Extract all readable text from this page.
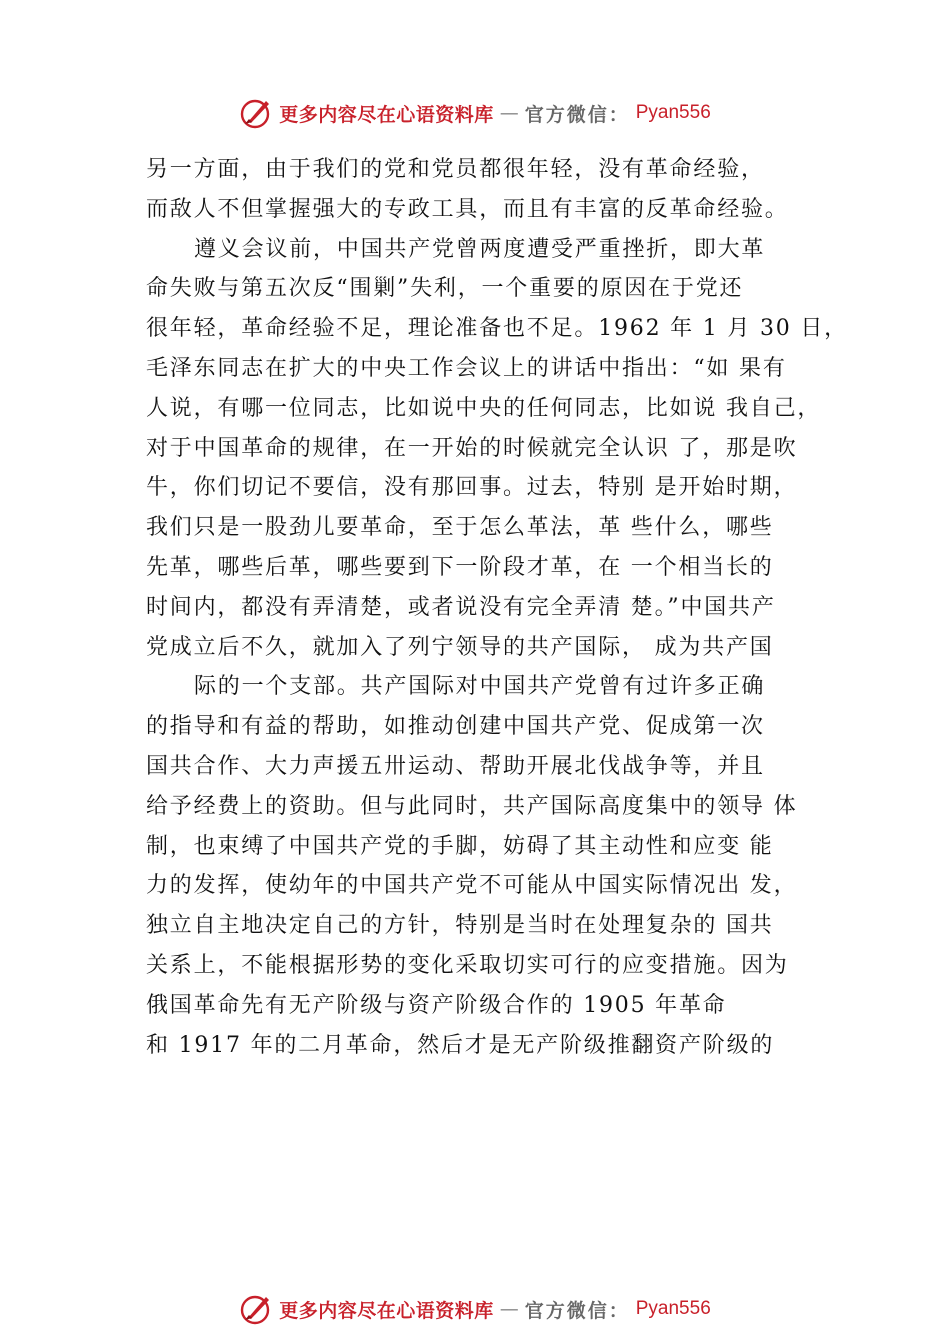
更多内容尽在心语资料库 — 官方微信： Pyan556
另一方面，由于我们的党和党员都很年轻，没有革命经验，
而敌人不但掌握强大的专政工具，而且有丰富的反革命经验。
遵义会议前，中国共产党曾两度遭受严重挫折，即大革
命失败与第五次反“围剿”失利，一个重要的原因在于党还
很年轻，革命经验不足，理论准备也不足。1962 年 1 月 30 日，
毛泽东同志在扩大的中央工作会议上的讲话中指出：“如 果有
人说，有哪一位同志，比如说中央的任何同志，比如说 我自己，
对于中国革命的规律，在一开始的时候就完全认识 了，那是吹
牛，你们切记不要信，没有那回事。过去，特别 是开始时期，
我们只是一股劲儿要革命，至于怎么革法，革 些什么，哪些
先革，哪些后革，哪些要到下一阶段才革，在 一个相当长的
时间内，都没有弄清楚，或者说没有完全弄清 楚。”中国共产
党成立后不久，就加入了列宁领导的共产国际， 成为共产国
际的一个支部。共产国际对中国共产党曾有过许多正确
的指导和有益的帮助，如推动创建中国共产党、促成第一次
国共合作、大力声援五卅运动、帮助开展北伐战争等，并且
给予经费上的资助。但与此同时，共产国际高度集中的领导 体
制，也束缚了中国共产党的手脚，妨碍了其主动性和应变 能
力的发挥，使幼年的中国共产党不可能从中国实际情况出 发，
独立自主地决定自己的方针，特别是当时在处理复杂的 国共
关系上，不能根据形势的变化采取切实可行的应变措施。因为
俄国革命先有无产阶级与资产阶级合作的 1905 年革命
和 1917 年的二月革命，然后才是无产阶级推翻资产阶级的
更多内容尽在心语资料库 — 官方微信： Pyan556
